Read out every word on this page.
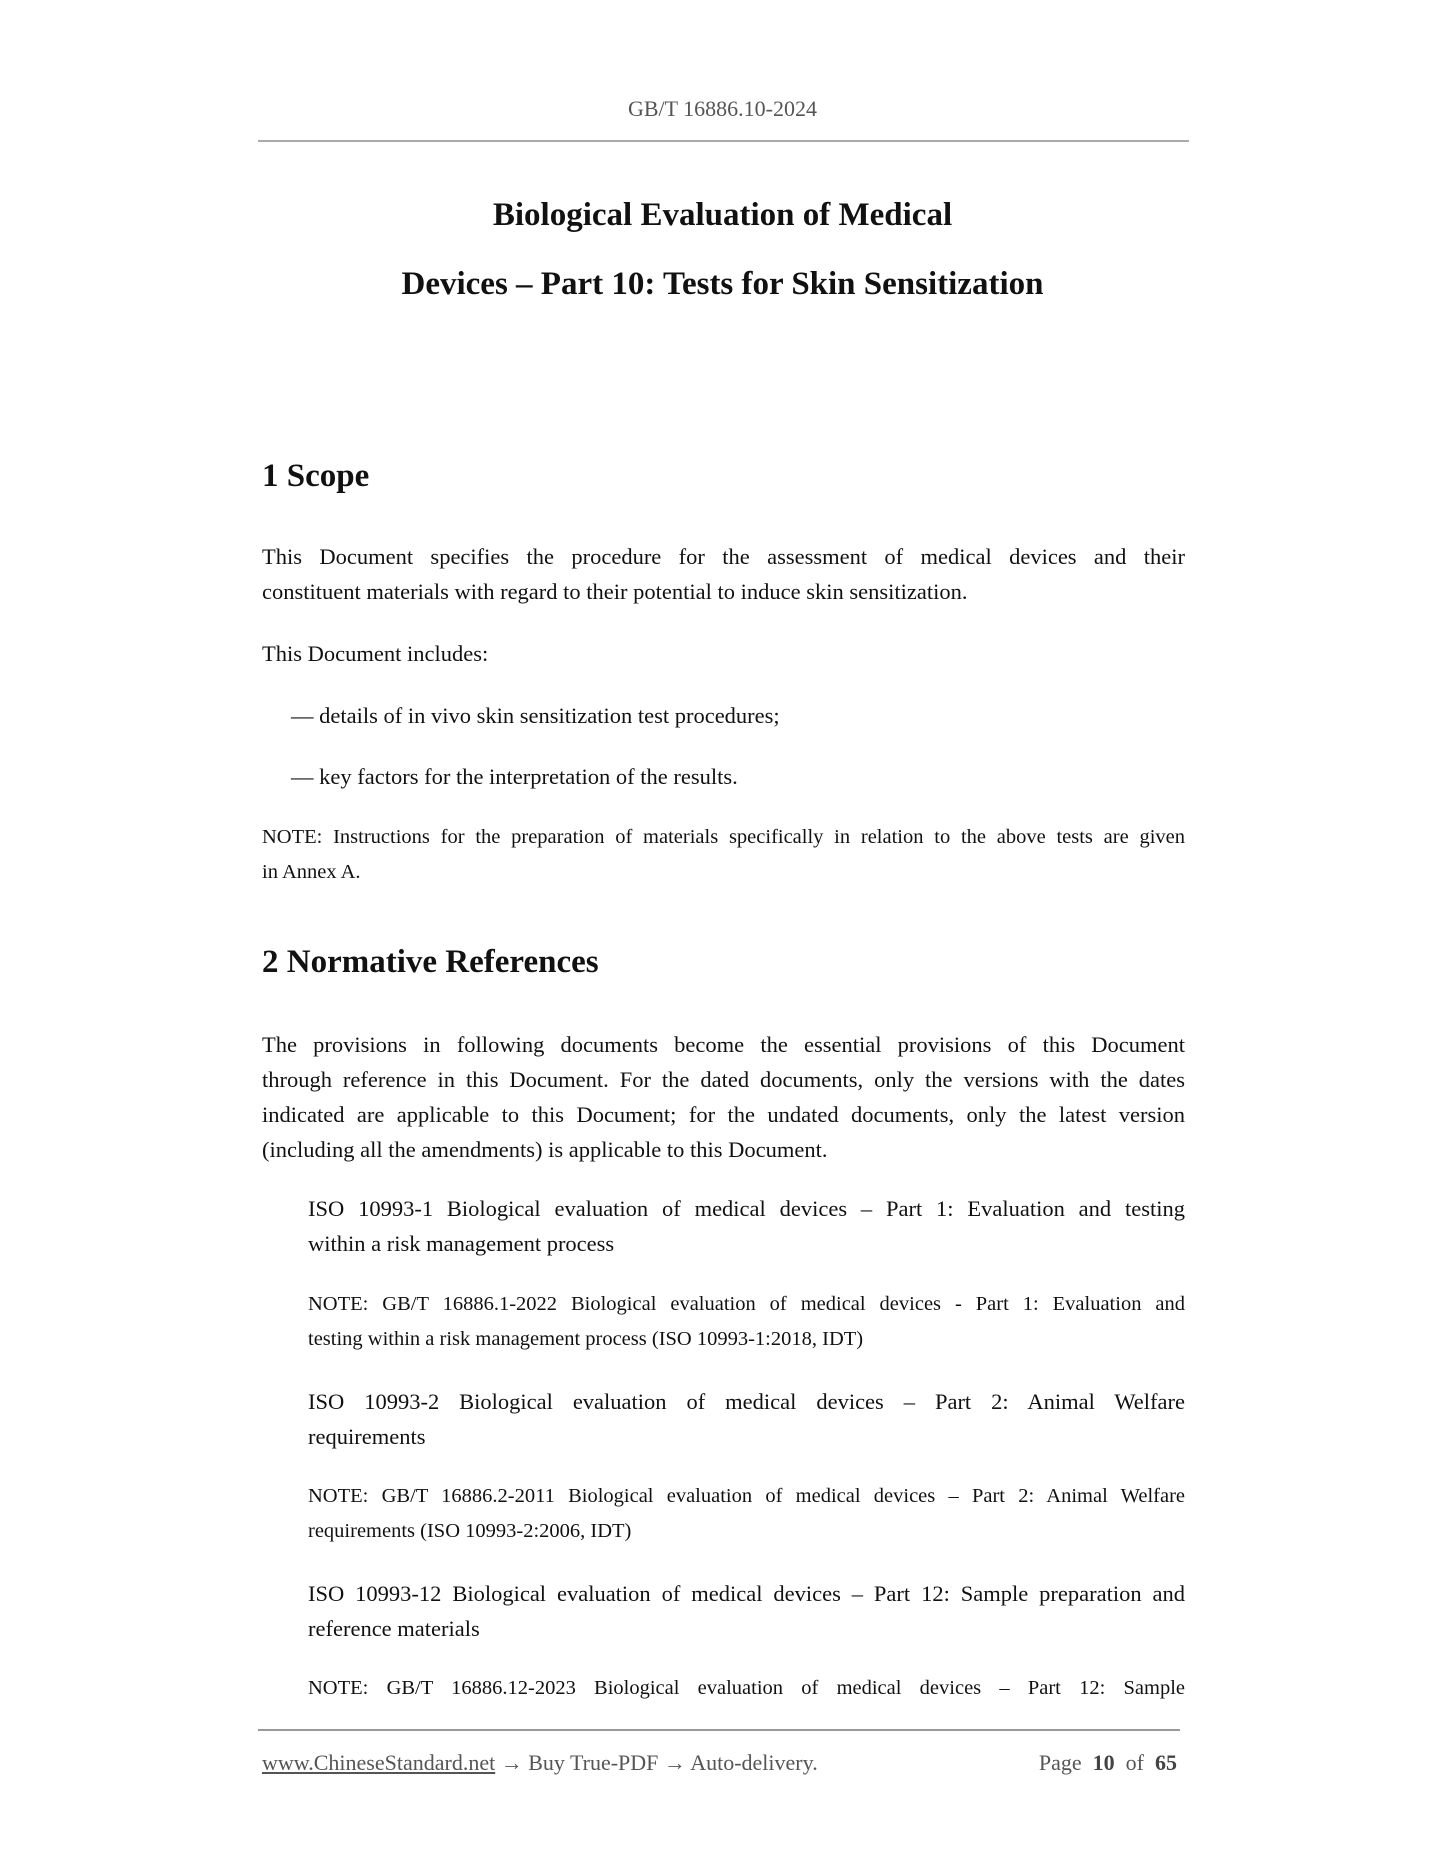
GB/T 16886.10-2024
Biological Evaluation of Medical
Devices – Part 10: Tests for Skin Sensitization
1 Scope
This Document specifies the procedure for the assessment of medical devices and their
constituent materials with regard to their potential to induce skin sensitization.
This Document includes:
— details of in vivo skin sensitization test procedures;
— key factors for the interpretation of the results.
NOTE: Instructions for the preparation of materials specifically in relation to the above tests are given
in Annex A.
2 Normative References
The provisions in following documents become the essential provisions of this Document
through reference in this Document. For the dated documents, only the versions with the dates
indicated are applicable to this Document; for the undated documents, only the latest version
(including all the amendments) is applicable to this Document.
ISO 10993-1 Biological evaluation of medical devices – Part 1: Evaluation and testing
within a risk management process
NOTE: GB/T 16886.1-2022 Biological evaluation of medical devices - Part 1: Evaluation and
testing within a risk management process (ISO 10993-1:2018, IDT)
ISO 10993-2 Biological evaluation of medical devices – Part 2: Animal Welfare
requirements
NOTE: GB/T 16886.2-2011 Biological evaluation of medical devices – Part 2: Animal Welfare
requirements (ISO 10993-2:2006, IDT)
ISO 10993-12 Biological evaluation of medical devices – Part 12: Sample preparation and
reference materials
NOTE: GB/T 16886.12-2023 Biological evaluation of medical devices – Part 12: Sample
www.ChineseStandard.net → Buy True-PDF → Auto-delivery.	Page 10 of 65
